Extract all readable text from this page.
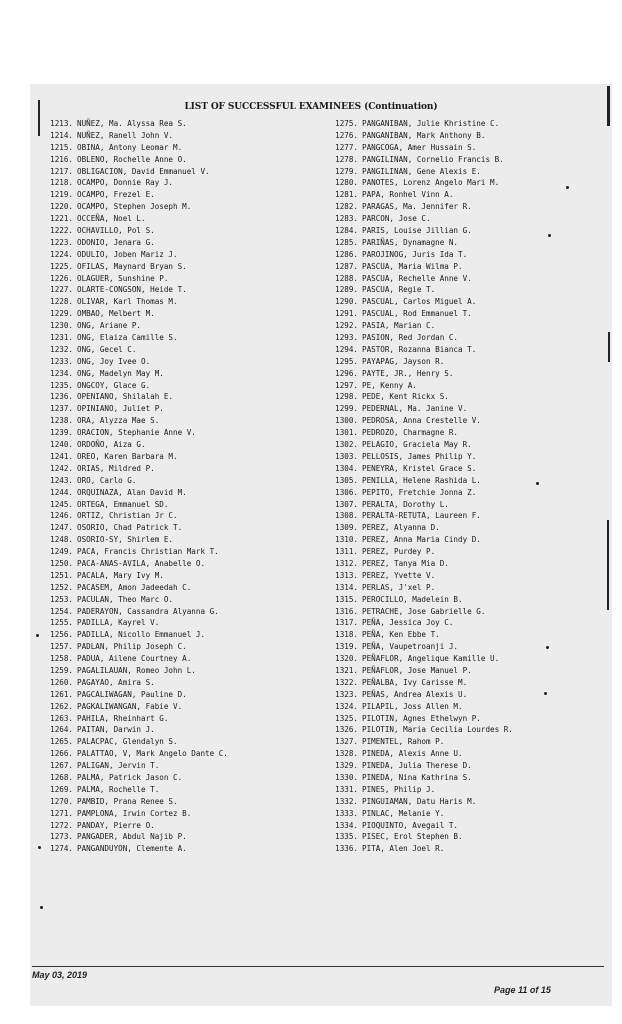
LIST OF SUCCESSFUL EXAMINEES (Continuation)
1213. NUÑEZ, Ma. Alyssa Rea S.
1214. NUÑEZ, Ranell John V.
1215. OBINA, Antony Leomar M.
1216. OBLENO, Rochelle Anne O.
1217. OBLIGACION, David Emmanuel V.
1218. OCAMPO, Donnie Ray J.
1219. OCAMPO, Frezel E.
1220. OCAMPO, Stephen Joseph M.
1221. OCCEÑA, Noel L.
1222. OCHAVILLO, Pol S.
1223. ODONIO, Jenara G.
1224. ODULIO, Joben Mariz J.
1225. OFILAS, Maynard Bryan S.
1226. OLAGUER, Sunshine P.
1227. OLARTE-CONGSON, Heide T.
1228. OLIVAR, Karl Thomas M.
1229. OMBAO, Melbert M.
1230. ONG, Ariane P.
1231. ONG, Elaiza Camille S.
1232. ONG, Gecel C.
1233. ONG, Joy Ivee O.
1234. ONG, Madelyn May M.
1235. ONGCOY, Glace G.
1236. OPENIANO, Shilalah E.
1237. OPINIANO, Juliet P.
1238. ORA, Alyzza Mae S.
1239. ORACION, Stephanie Anne V.
1240. ORDOÑO, Aiza G.
1241. OREO, Karen Barbara M.
1242. ORIAS, Mildred P.
1243. ORO, Carlo G.
1244. ORQUINAZA, Alan David M.
1245. ORTEGA, Emmanuel SD.
1246. ORTIZ, Christian Jr C.
1247. OSORIO, Chad Patrick T.
1248. OSORIO-SY, Shirlem E.
1249. PACA, Francis Christian Mark T.
1250. PACA-ANAS-AVILA, Anabelle O.
1251. PACALA, Mary Ivy M.
1252. PACASEM, Amon Jadeedah C.
1253. PACULAN, Theo Marc O.
1254. PADERAYON, Cassandra Alyanna G.
1255. PADILLA, Kayrel V.
1256. PADILLA, Nicollo Emmanuel J.
1257. PADLAN, Philip Joseph C.
1258. PADUA, Ailene Courtney A.
1259. PAGALILAUAN, Romeo John L.
1260. PAGAYAO, Amira S.
1261. PAGCALIWAGAN, Pauline D.
1262. PAGKALIWANGAN, Fabie V.
1263. PAHILA, Rheinhart G.
1264. PAITAN, Darwin J.
1265. PALACPAC, Glendalyn S.
1266. PALATTAO, V, Mark Angelo Dante C.
1267. PALIGAN, Jervin T.
1268. PALMA, Patrick Jason C.
1269. PALMA, Rochelle T.
1270. PAMBID, Prana Renee S.
1271. PAMPLONA, Irwin Cortez B.
1272. PANDAY, Pierre O.
1273. PANGADER, Abdul Najib P.
1274. PANGANDUYON, Clemente A.
1275. PANGANIBAN, Julie Khristine C.
1276. PANGANIBAN, Mark Anthony B.
1277. PANGCOGA, Amer Hussain S.
1278. PANGILINAN, Cornelio Francis B.
1279. PANGILINAN, Gene Alexis E.
1280. PANOTES, Lorenz Angelo Mari M.
1281. PAPA, Ronhel Vinn A.
1282. PARAGAS, Ma. Jennifer R.
1283. PARCON, Jose C.
1284. PARIS, Louise Jillian G.
1285. PARIÑAS, Dynamagne N.
1286. PAROJINOG, Juris Ida T.
1287. PASCUA, Maria Wilma P.
1288. PASCUA, Rechelle Anne V.
1289. PASCUA, Regie T.
1290. PASCUAL, Carlos Miguel A.
1291. PASCUAL, Rod Emmanuel T.
1292. PASIA, Marian C.
1293. PASION, Red Jordan C.
1294. PASTOR, Rozanna Bianca T.
1295. PAYAPAG, Jayson R.
1296. PAYTE, JR., Henry S.
1297. PE, Kenny A.
1298. PEDE, Kent Rickx S.
1299. PEDERNAL, Ma. Janine V.
1300. PEDROSA, Anna Crestelle V.
1301. PEDROZO, Charmagne R.
1302. PELAGIO, Graciela May R.
1303. PELLOSIS, James Philip Y.
1304. PENEYRA, Kristel Grace S.
1305. PENILLA, Helene Rashida L.
1306. PEPITO, Fretchie Jonna Z.
1307. PERALTA, Dorothy L.
1308. PERALTA-RETUTA, Laureen F.
1309. PEREZ, Alyanna D.
1310. PEREZ, Anna Maria Cindy D.
1311. PEREZ, Purdey P.
1312. PEREZ, Tanya Mia D.
1313. PEREZ, Yvette V.
1314. PERLAS, J'xel P.
1315. PEROCILLO, Madelein B.
1316. PETRACHE, Jose Gabrielle G.
1317. PEÑA, Jessica Joy C.
1318. PEÑA, Ken Ebbe T.
1319. PEÑA, Vaupetroanji J.
1320. PEÑAFLOR, Angelique Kamille U.
1321. PEÑAFLOR, Jose Manuel P.
1322. PEÑALBA, Ivy Carisse M.
1323. PEÑAS, Andrea Alexis U.
1324. PILAPIL, Joss Allen M.
1325. PILOTIN, Agnes Ethelwyn P.
1326. PILOTIN, Maria Cecilia Lourdes R.
1327. PIMENTEL, Rahom P.
1328. PINEDA, Alexis Anne U.
1329. PINEDA, Julia Therese D.
1330. PINEDA, Nina Kathrina S.
1331. PINES, Philip J.
1332. PINGUIAMAN, Datu Haris M.
1333. PINLAC, Melanie Y.
1334. PIOQUINTO, Avegail T.
1335. PISEC, Erol Stephen B.
1336. PITA, Alen Joel R.
May 03, 2019
Page 11 of 15
